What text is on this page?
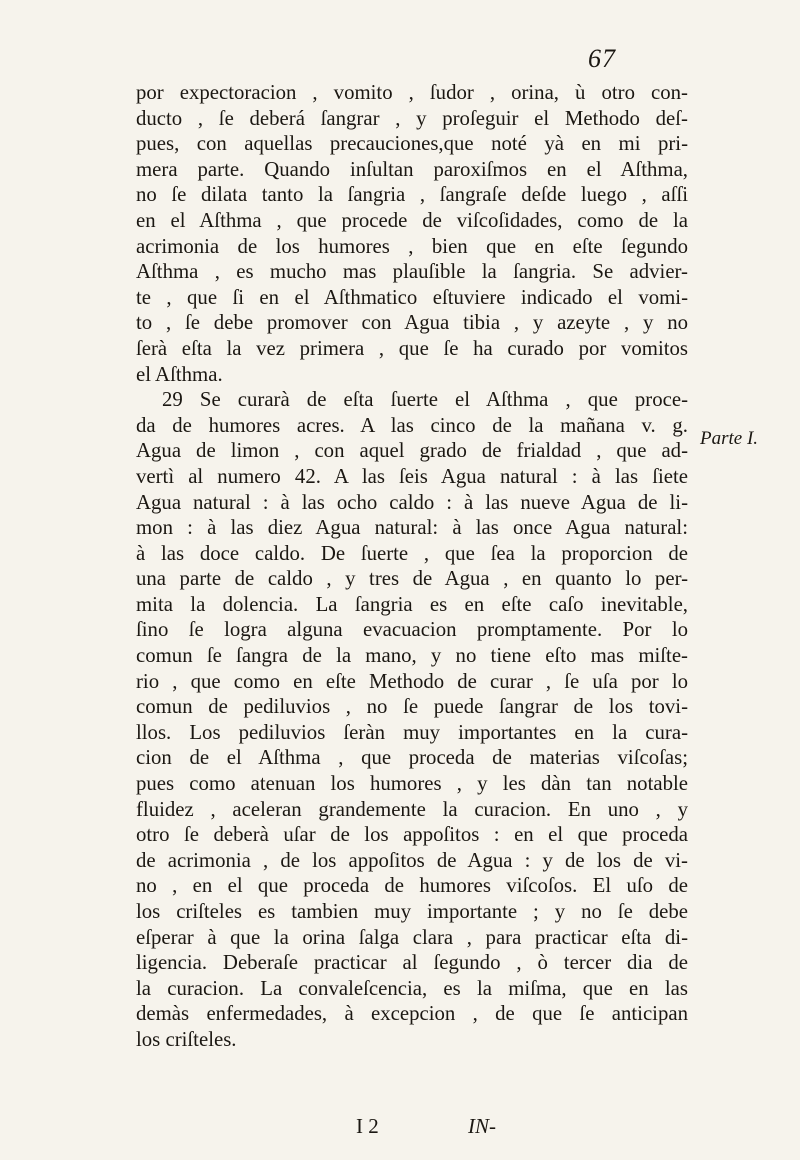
67
por expectoracion , vomito , ſudor , orina, ù otro con-
ducto , ſe deberá ſangrar , y proſeguir el Methodo deſ-
pues, con aquellas precauciones,que noté yà en mi pri-
mera parte. Quando inſultan paroxiſmos en el Aſthma,
no ſe dilata tanto la ſangria , ſangraſe deſde luego , aſſi
en el Aſthma , que procede de viſcoſidades, como de la
acrimonia de los humores , bien que en eſte ſegundo
Aſthma , es mucho mas plauſible la ſangria. Se advier-
te , que ſi en el Aſthmatico eſtuviere indicado el vomi-
to , ſe debe promover con Agua tibia , y azeyte , y no
ſerà eſta la vez primera , que ſe ha curado por vomitos
el Aſthma.
29 Se curarà de eſta ſuerte el Aſthma , que proce-
da de humores acres. A las cinco de la mañana v. g.
Agua de limon , con aquel grado de frialdad , que ad-
vertì al numero 42. A las ſeis Agua natural : à las ſiete
Agua natural : à las ocho caldo : à las nueve Agua de li-
mon : à las diez Agua natural: à las once Agua natural:
à las doce caldo. De ſuerte , que ſea la proporcion de
una parte de caldo , y tres de Agua , en quanto lo per-
mita la dolencia. La ſangria es en eſte caſo inevitable,
ſino ſe logra alguna evacuacion promptamente. Por lo
comun ſe ſangra de la mano, y no tiene eſto mas miſte-
rio , que como en eſte Methodo de curar , ſe uſa por lo
comun de pediluvios , no ſe puede ſangrar de los tovi-
llos. Los pediluvios ſeràn muy importantes en la cura-
cion de el Aſthma , que proceda de materias viſcoſas;
pues como atenuan los humores , y les dàn tan notable
fluidez , aceleran grandemente la curacion. En uno , y
otro ſe deberà uſar de los appoſitos : en el que proceda
de acrimonia , de los appoſitos de Agua : y de los de vi-
no , en el que proceda de humores viſcoſos. El uſo de
los criſteles es tambien muy importante ; y no ſe debe
eſperar à que la orina ſalga clara , para practicar eſta di-
ligencia. Deberaſe practicar al ſegundo , ò tercer dia de
la curacion. La convaleſcencia, es la miſma, que en las
demàs enfermedades, à excepcion , de que ſe anticipan
los criſteles.
Parte I.
I 2	IN-
